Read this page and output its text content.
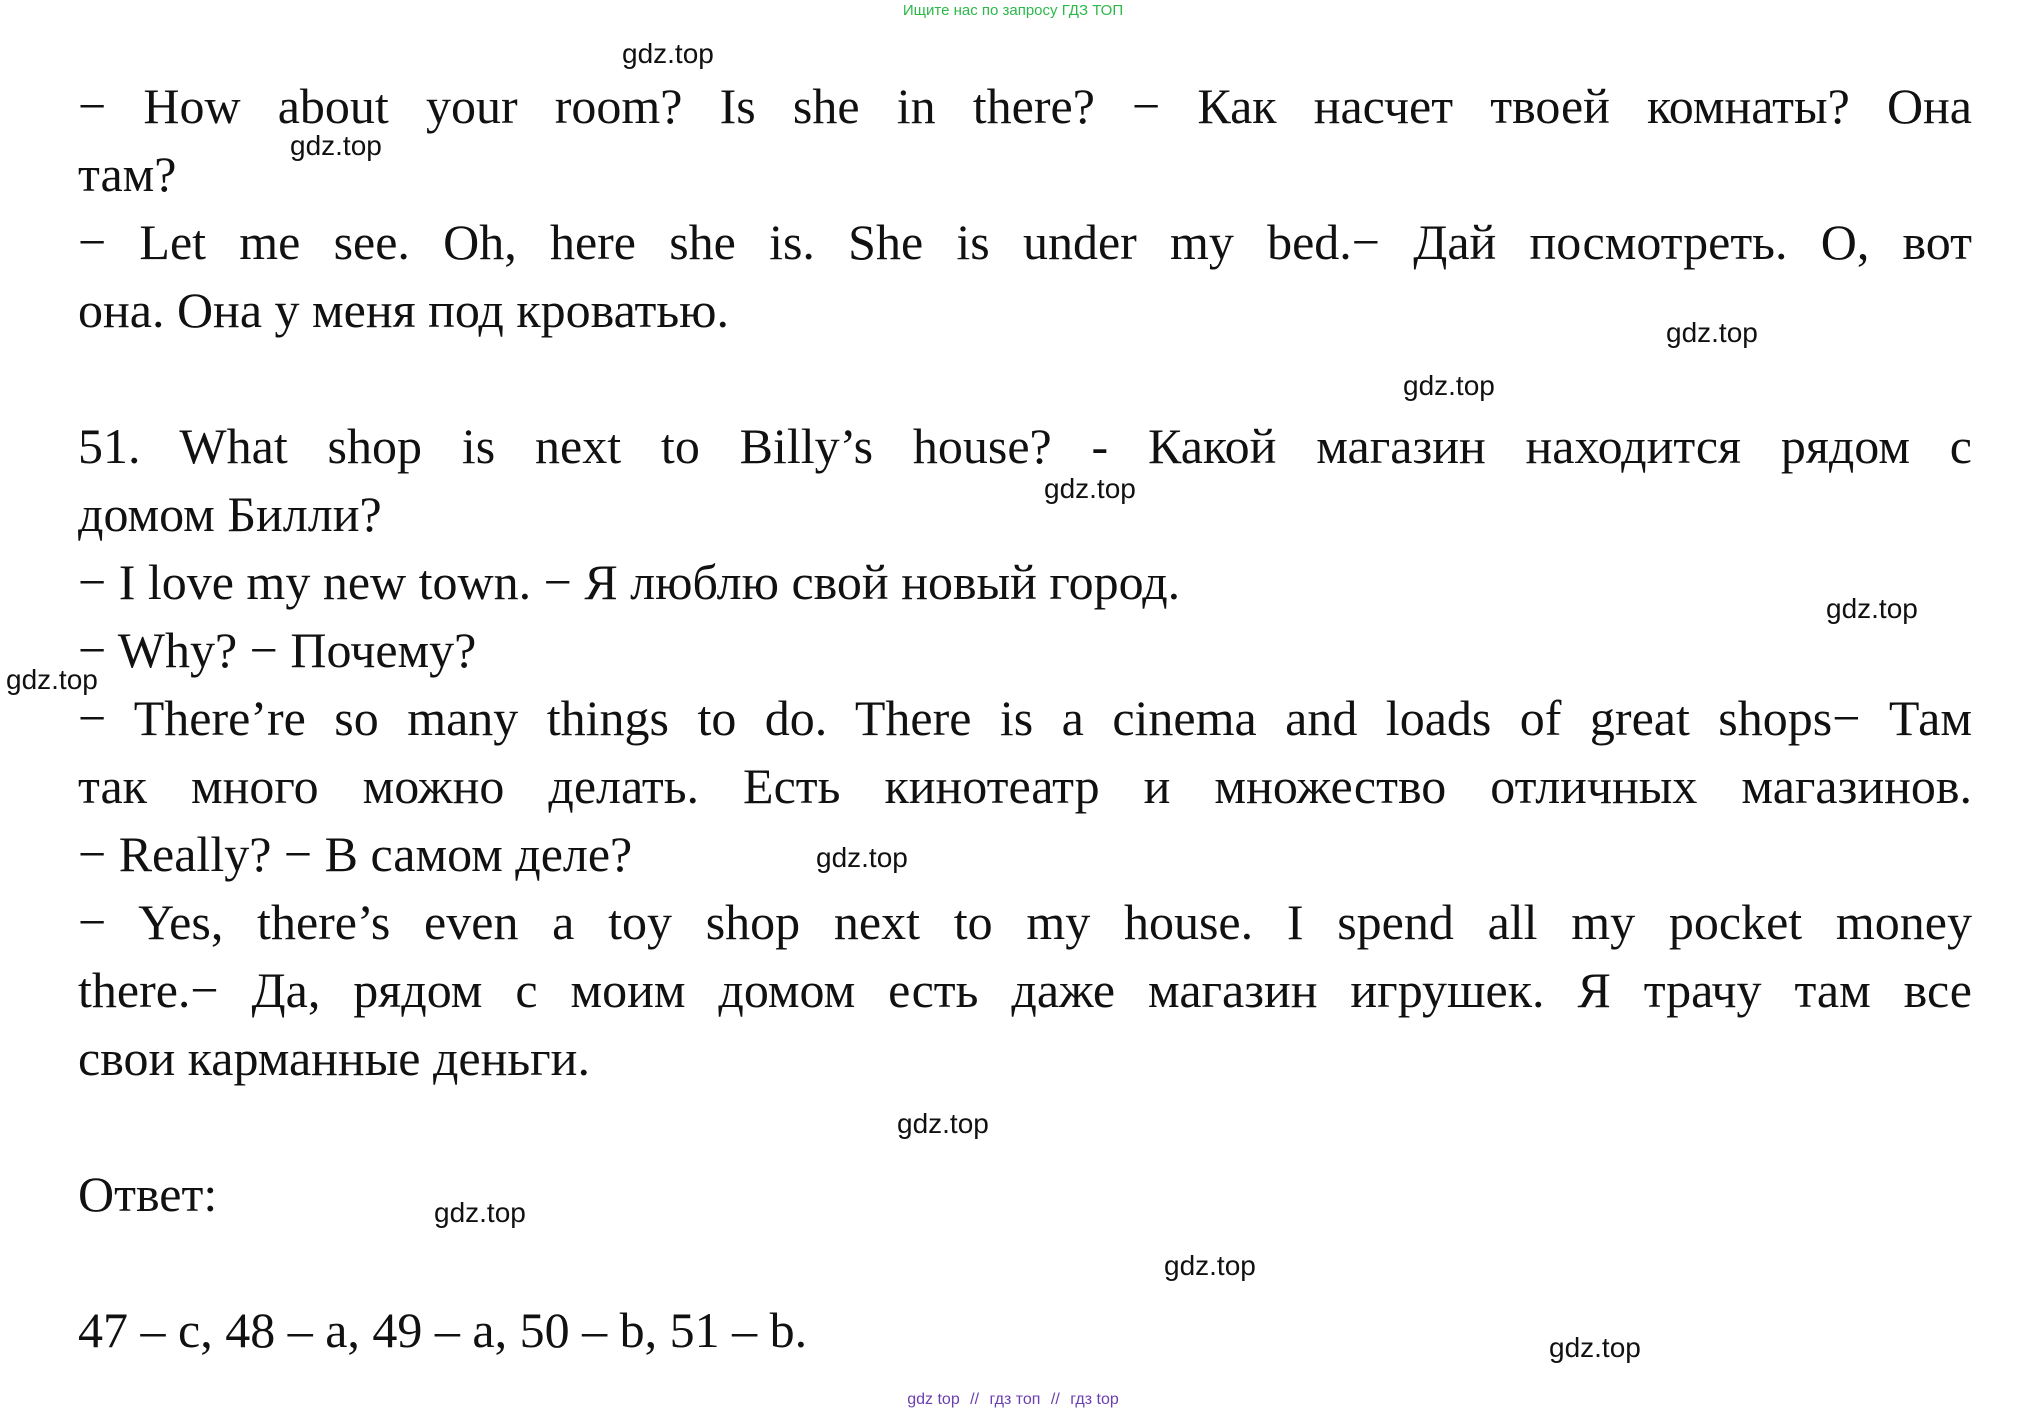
Ищите нас по запросу ГДЗ ТОП
− How about your room? Is she in there? − Как насчет твоей комнаты? Она
там?
− Let me see. Oh, here she is. She is under my bed.− Дай посмотреть. О, вот
она. Она у меня под кроватью.
51. What shop is next to Billy’s house? - Какой магазин находится рядом с
домом Билли?
− I love my new town. − Я люблю свой новый город.
− Why? − Почему?
− There’re so many things to do. There is a cinema and loads of great shops− Там
так много можно делать. Есть кинотеатр и множество отличных магазинов.
− Really? − В самом деле?
− Yes, there’s even a toy shop next to my house. I spend all my pocket money
there.− Да, рядом с моим домом есть даже магазин игрушек. Я трачу там все
свои карманные деньги.
Ответ:
47 – c, 48 – a, 49 – a, 50 – b, 51 – b.
gdz.top
gdz.top
gdz.top
gdz.top
gdz.top
gdz.top
gdz.top
gdz.top
gdz.top
gdz.top
gdz.top
gdz.top
gdz top // гдз топ // гдз top
